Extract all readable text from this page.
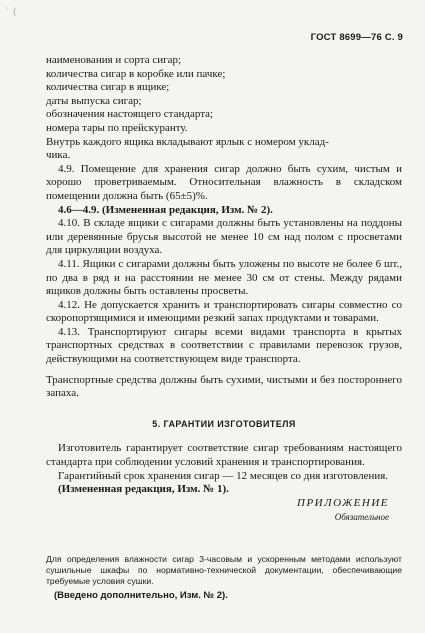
` (
ГОСТ 8699—76 С. 9
наименования и сорта сигар;
количества сигар в коробке или пачке;
количества сигар в ящике;
даты выпуска сигар;
обозначения настоящего стандарта;
номера тары по прейскуранту.
Внутрь каждого ящика вкладывают ярлык с номером уклад-
чика.
4.9. Помещение для хранения сигар должно быть сухим, чистым и хорошо проветриваемым. Относительная влажность в складском помещении должна быть (65±5)%.
4.6—4.9. (Измененная редакция, Изм. № 2).
4.10. В складе ящики с сигарами должны быть установлены на поддоны или деревянные брусья высотой не менее 10 см над полом с просветами для циркуляции воздуха.
4.11. Ящики с сигарами должны быть уложены по высоте не более 6 шт., по два в ряд и на расстоянии не менее 30 см от стены. Между рядами ящиков должны быть оставлены просветы.
4.12. Не допускается хранить и транспортировать сигары совместно со скоропортящимися и имеющими резкий запах продуктами и товарами.
4.13. Транспортируют сигары всеми видами транспорта в крытых транспортных средствах в соответствии с правилами перевозок грузов, действующими на соответствующем виде транспорта.
Транспортные средства должны быть сухими, чистыми и без постороннего запаха.
5. ГАРАНТИИ ИЗГОТОВИТЕЛЯ
Изготовитель гарантирует соответствие сигар требованиям настоящего стандарта при соблюдении условий хранения и транспортирования.
Гарантийный срок хранения сигар — 12 месяцев со дня изготовления.
(Измененная редакция, Изм. № 1).
ПРИЛОЖЕНИЕ
Обязательное
Для определения влажности сигар 3-часовым и ускоренным методами используют сушильные шкафы по нормативно-технической документации, обеспечивающие требуемые условия сушки.
(Введено дополнительно, Изм. № 2).
